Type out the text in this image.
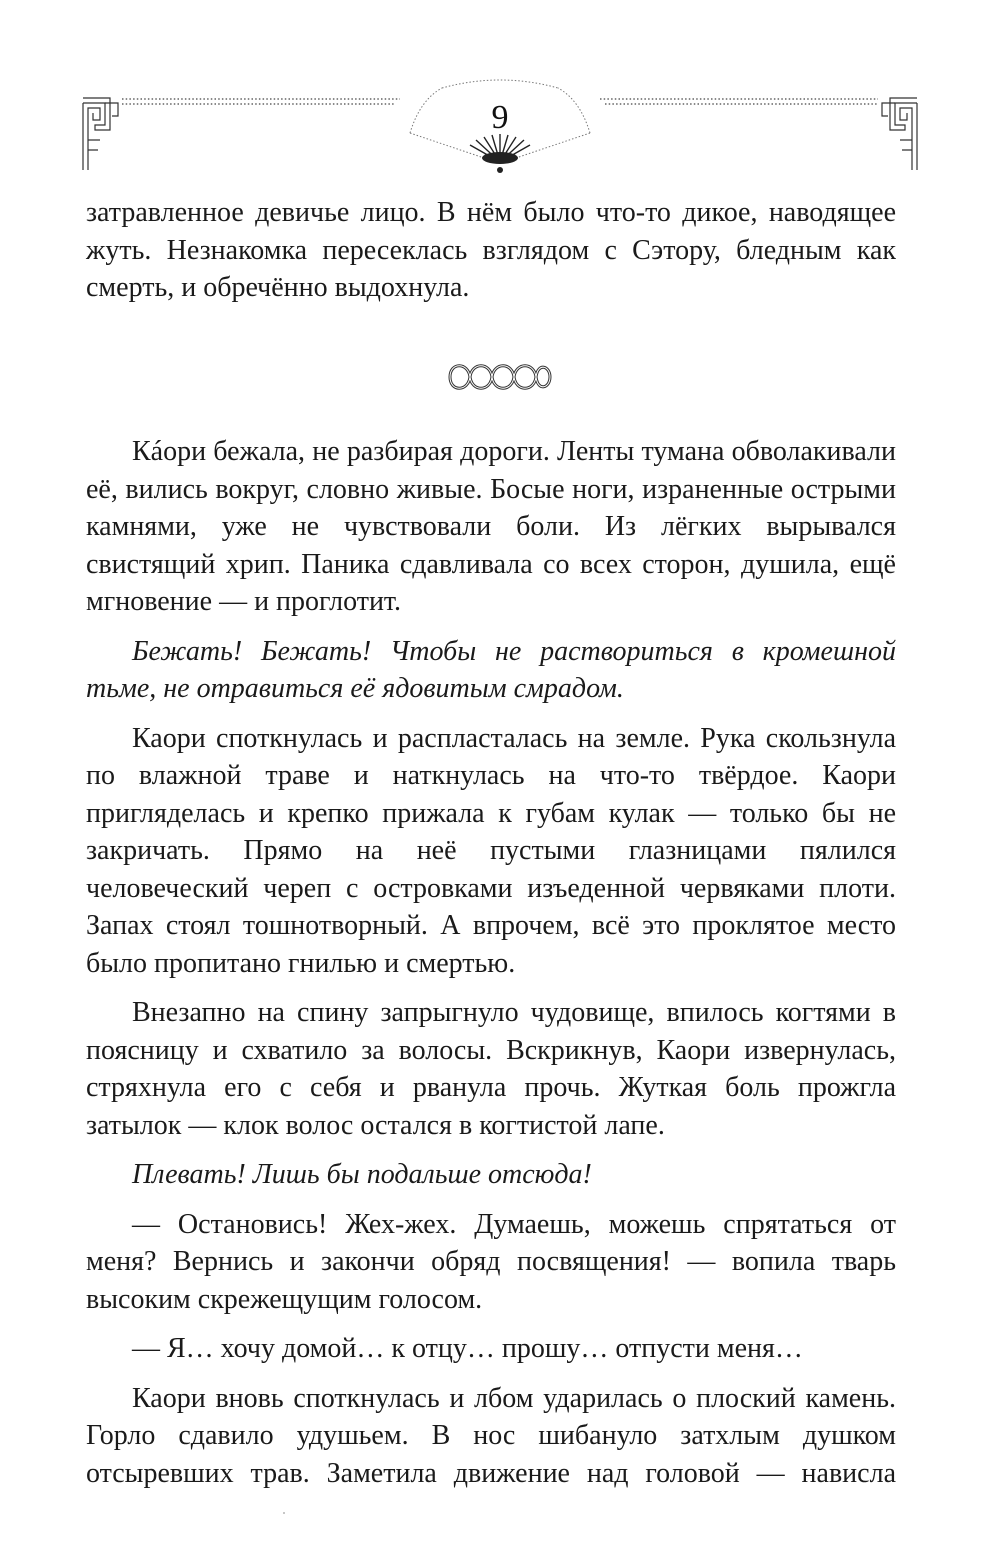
9

затравленное девичье лицо. В нём было что-то дикое, наводящее жуть. Незнакомка пересеклась взглядом с Сэтору, бледным как смерть, и обречённо выдохнула.

Кáори бежала, не разбирая дороги. Ленты тумана обволакивали её, вились вокруг, словно живые. Босые ноги, израненные острыми камнями, уже не чувствовали боли. Из лёгких вырывался свистящий хрип. Паника сдавливала со всех сторон, душила, ещё мгновение — и проглотит.

Бежать! Бежать! Чтобы не раствориться в кромешной тьме, не отравиться её ядовитым смрадом.

Каори споткнулась и распласталась на земле. Рука скользнула по влажной траве и наткнулась на что-то твёрдое. Каори пригляделась и крепко прижала к губам кулак — только бы не закричать. Прямо на неё пустыми глазницами пялился человеческий череп с островками изъеденной червяками плоти. Запах стоял тошнотворный. А впрочем, всё это проклятое место было пропитано гнилью и смертью.

Внезапно на спину запрыгнуло чудовище, впилось когтями в поясницу и схватило за волосы. Вскрикнув, Каори извернулась, стряхнула его с себя и рванула прочь. Жуткая боль прожгла затылок — клок волос остался в когтистой лапе.

Плевать! Лишь бы подальше отсюда!

— Остановись! Жех-жех. Думаешь, можешь спрятаться от меня? Вернись и закончи обряд посвящения! — вопила тварь высоким скрежещущим голосом.

— Я… хочу домой… к отцу… прошу… отпусти меня…

Каори вновь споткнулась и лбом ударилась о плоский камень. Горло сдавило удушьем. В нос шибануло затхлым душком отсыревших трав. Заметила движение над головой — нависла
